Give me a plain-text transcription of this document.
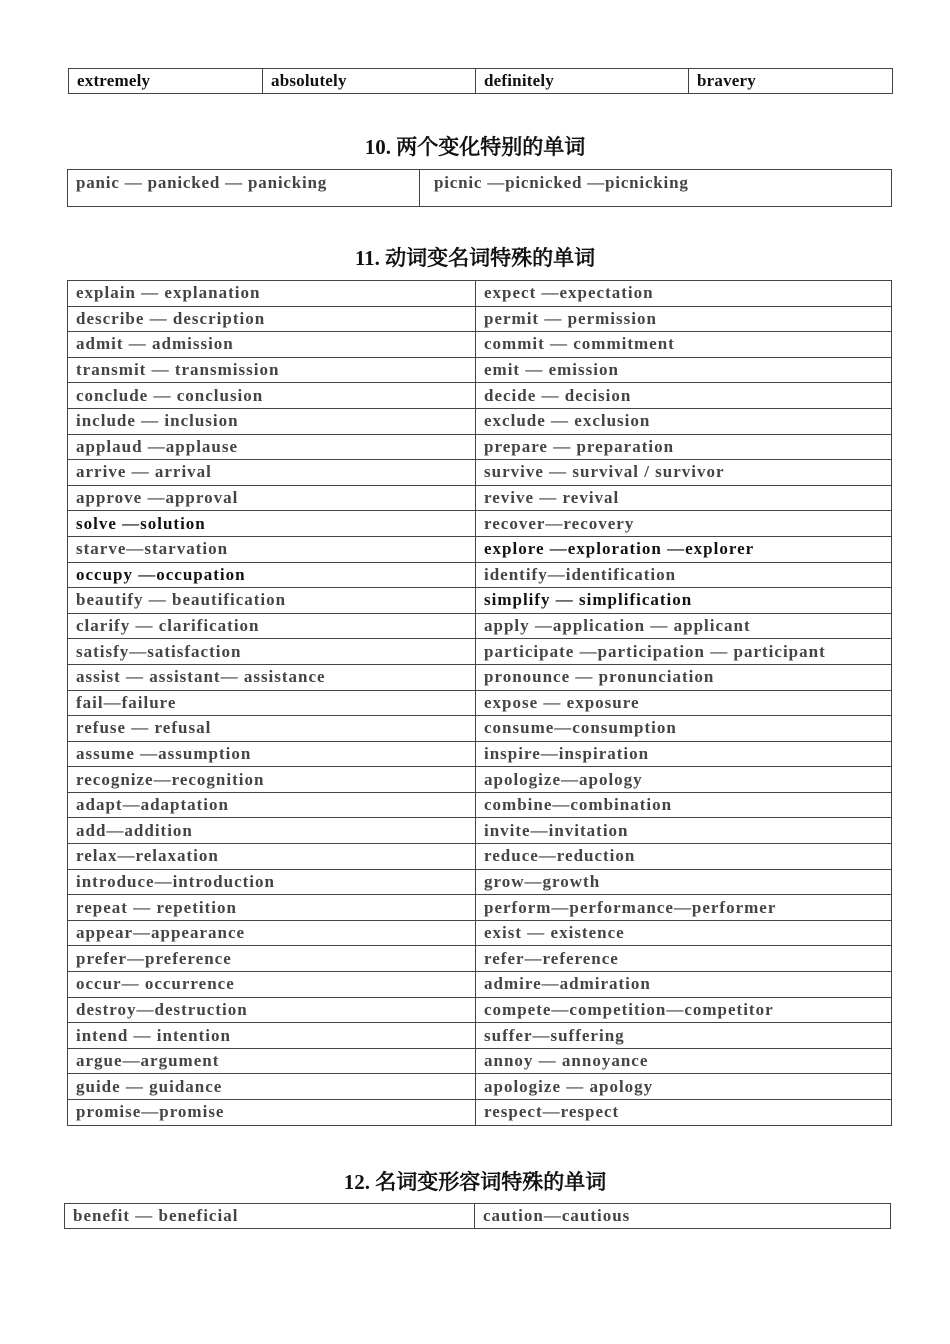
extremely	absolutely	definitely	bravery
10. 两个变化特别的单词
panic — panicked — panicking	picnic —picnicked —picnicking
11. 动词变名词特殊的单词
explain — explanation	expect —expectation
describe — description	permit — permission
admit — admission	commit — commitment
transmit — transmission	emit — emission
conclude — conclusion	decide — decision
include — inclusion	exclude — exclusion
applaud —applause	prepare — preparation
arrive — arrival	survive — survival / survivor
approve —approval	revive — revival
solve —solution	recover—recovery
starve—starvation	explore —exploration —explorer
occupy —occupation	identify—identification
beautify — beautification	simplify — simplification
clarify — clarification	apply —application — applicant
satisfy—satisfaction	participate —participation — participant
assist — assistant— assistance	pronounce — pronunciation
fail—failure	expose — exposure
refuse — refusal	consume—consumption
assume —assumption	inspire—inspiration
recognize—recognition	apologize—apology
adapt—adaptation	combine—combination
add—addition	invite—invitation
relax—relaxation	reduce—reduction
introduce—introduction	grow—growth
repeat — repetition	perform—performance—performer
appear—appearance	exist — existence
prefer—preference	refer—reference
occur— occurrence	admire—admiration
destroy—destruction	compete—competition—competitor
intend — intention	suffer—suffering
argue—argument	annoy — annoyance
guide — guidance	apologize — apology
promise—promise	respect—respect
12. 名词变形容词特殊的单词
benefit — beneficial	caution—cautious
